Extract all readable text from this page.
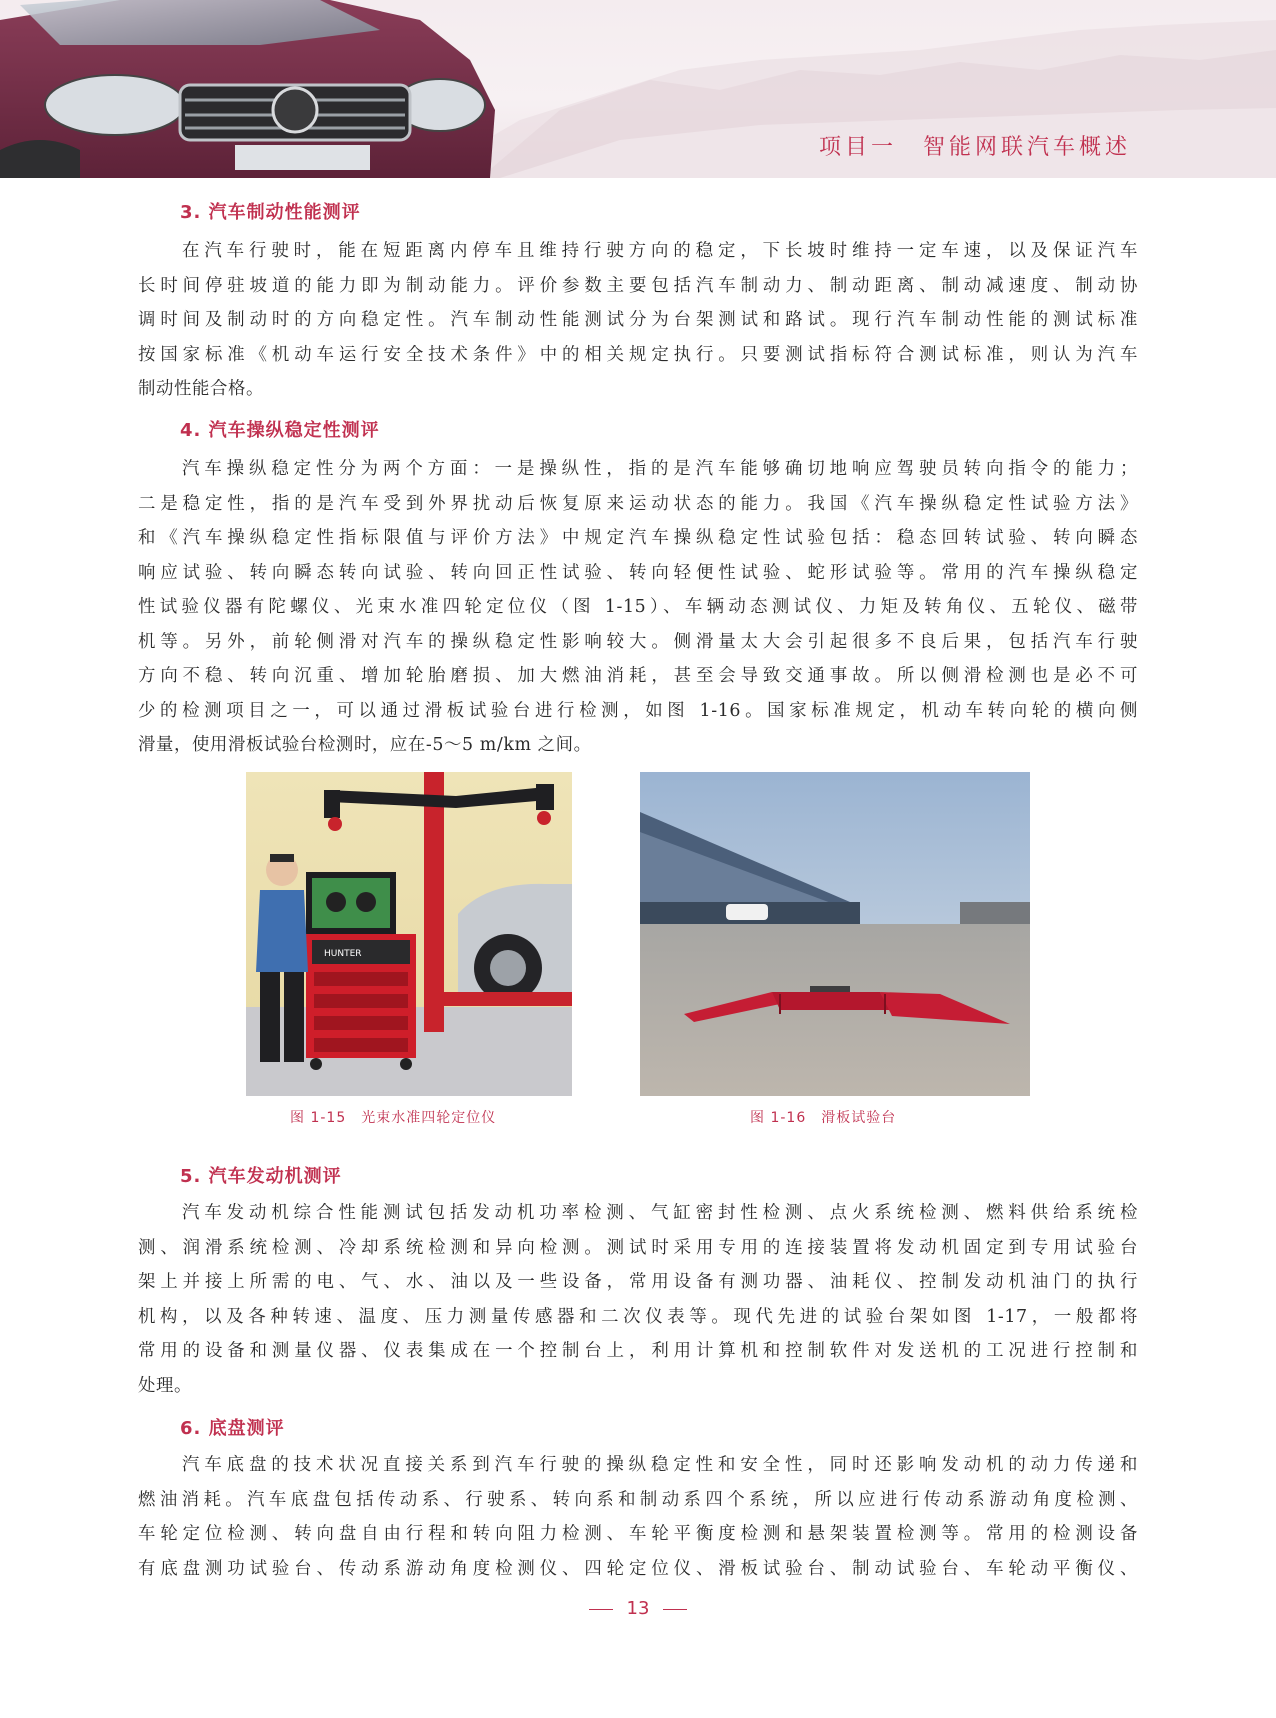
项目一　智能网联汽车概述
3. 汽车制动性能测评
在汽车行驶时，能在短距离内停车且维持行驶方向的稳定，下长坡时维持一定车速，以及保证汽车
长时间停驻坡道的能力即为制动能力。评价参数主要包括汽车制动力、制动距离、制动减速度、制动协
调时间及制动时的方向稳定性。汽车制动性能测试分为台架测试和路试。现行汽车制动性能的测试标准
按国家标准《机动车运行安全技术条件》中的相关规定执行。只要测试指标符合测试标准，则认为汽车
制动性能合格。
4. 汽车操纵稳定性测评
汽车操纵稳定性分为两个方面：一是操纵性，指的是汽车能够确切地响应驾驶员转向指令的能力；
二是稳定性，指的是汽车受到外界扰动后恢复原来运动状态的能力。我国《汽车操纵稳定性试验方法》
和《汽车操纵稳定性指标限值与评价方法》中规定汽车操纵稳定性试验包括：稳态回转试验、转向瞬态
响应试验、转向瞬态转向试验、转向回正性试验、转向轻便性试验、蛇形试验等。常用的汽车操纵稳定
性试验仪器有陀螺仪、光束水准四轮定位仪（图 1-15）、车辆动态测试仪、力矩及转角仪、五轮仪、磁带
机等。另外，前轮侧滑对汽车的操纵稳定性影响较大。侧滑量太大会引起很多不良后果，包括汽车行驶
方向不稳、转向沉重、增加轮胎磨损、加大燃油消耗，甚至会导致交通事故。所以侧滑检测也是必不可
少的检测项目之一，可以通过滑板试验台进行检测，如图 1-16。国家标准规定，机动车转向轮的横向侧
滑量，使用滑板试验台检测时，应在-5～5 m/km 之间。
HUNTER
图 1-15　光束水准四轮定位仪	图 1-16　滑板试验台
5. 汽车发动机测评
汽车发动机综合性能测试包括发动机功率检测、气缸密封性检测、点火系统检测、燃料供给系统检
测、润滑系统检测、冷却系统检测和异向检测。测试时采用专用的连接装置将发动机固定到专用试验台
架上并接上所需的电、气、水、油以及一些设备，常用设备有测功器、油耗仪、控制发动机油门的执行
机构，以及各种转速、温度、压力测量传感器和二次仪表等。现代先进的试验台架如图 1-17，一般都将
常用的设备和测量仪器、仪表集成在一个控制台上，利用计算机和控制软件对发送机的工况进行控制和
处理。
6. 底盘测评
汽车底盘的技术状况直接关系到汽车行驶的操纵稳定性和安全性，同时还影响发动机的动力传递和
燃油消耗。汽车底盘包括传动系、行驶系、转向系和制动系四个系统，所以应进行传动系游动角度检测、
车轮定位检测、转向盘自由行程和转向阻力检测、车轮平衡度检测和悬架装置检测等。常用的检测设备
有底盘测功试验台、传动系游动角度检测仪、四轮定位仪、滑板试验台、制动试验台、车轮动平衡仪、
13
